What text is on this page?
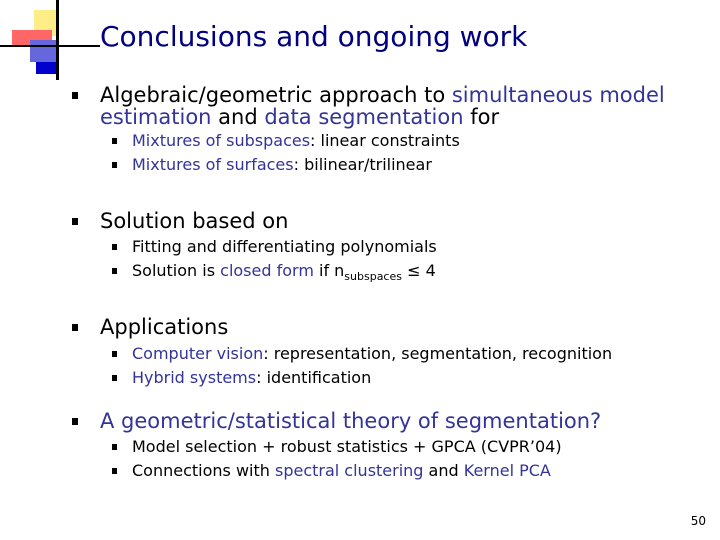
Conclusions and ongoing work
Algebraic/geometric approach to simultaneous model
estimation and data segmentation for
Mixtures of subspaces: linear constraints
Mixtures of surfaces: bilinear/trilinear
Solution based on
Fitting and differentiating polynomials
Solution is closed form if $n_{subspaces} \le 4$
Applications
Computer vision: representation, segmentation, recognition
Hybrid systems: identification
A geometric/statistical theory of segmentation?
Model selection + robust statistics + GPCA (CVPR’04)
Connections with spectral clustering and Kernel PCA
50
